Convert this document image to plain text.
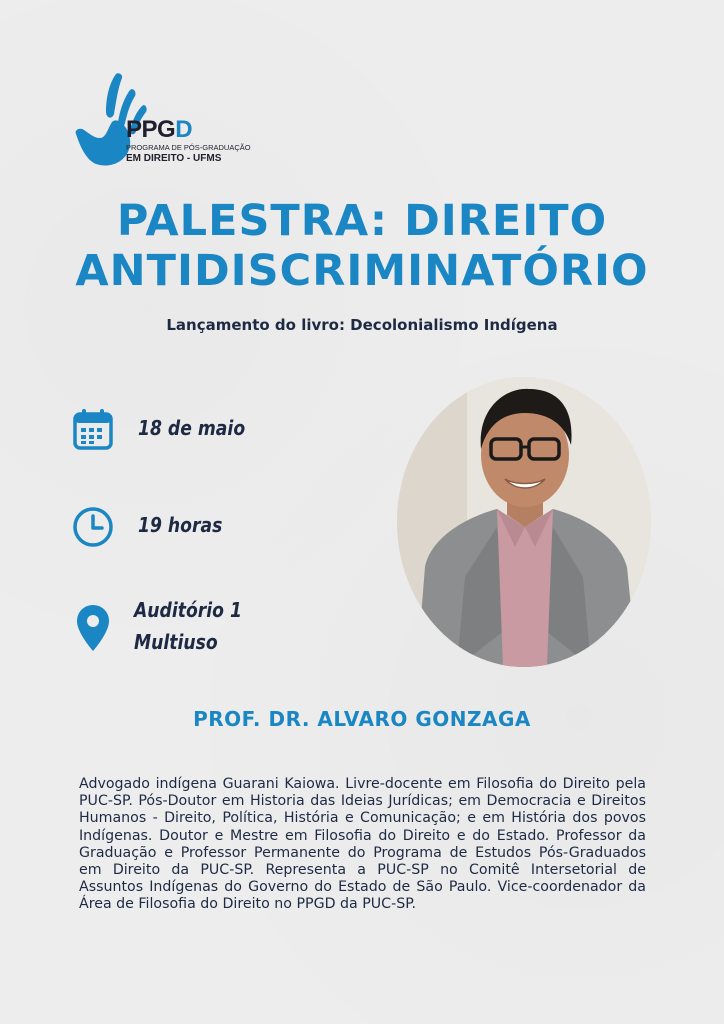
PPGD
PROGRAMA DE PÓS-GRADUAÇÃO
EM DIREITO - UFMS
PALESTRA: DIREITO
ANTIDISCRIMINATÓRIO

Lançamento do livro: Decolonialismo Indígena

18 de maio
19 horas
Auditório 1
Multiuso
PROF. DR. ALVARO GONZAGA

Advogado indígena Guarani Kaiowa. Livre-docente em Filosofia do Direito pela PUC-SP. Pós-Doutor em Historia das Ideias Jurídicas; em Democracia e Direitos Humanos - Direito, Política, História e Comunicação; e em História dos povos Indígenas. Doutor e Mestre em Filosofia do Direito e do Estado. Professor da Graduação e Professor Permanente do Programa de Estudos Pós-Graduados em Direito da PUC-SP. Representa a PUC-SP no Comitê Intersetorial de Assuntos Indígenas do Governo do Estado de São Paulo. Vice-coordenador da Área de Filosofia do Direito no PPGD da PUC-SP.
